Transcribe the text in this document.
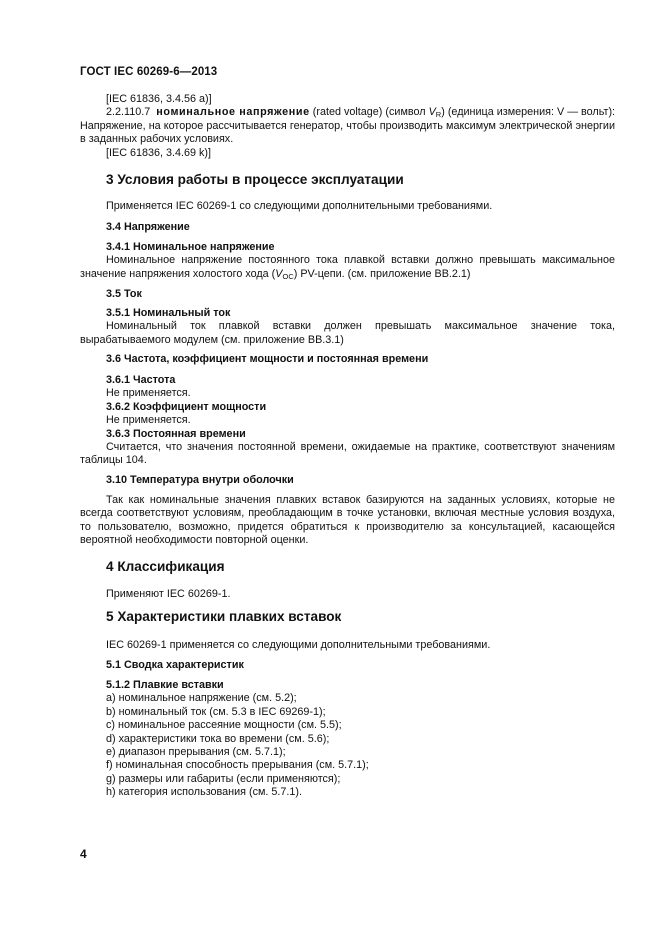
ГОСТ IEC 60269-6—2013

[IEC 61836, 3.4.56 a)]

2.2.110.7 номинальное напряжение (rated voltage) (символ $V_R$) (единица измерения: V — вольт): Напряжение, на которое рассчитывается генератор, чтобы производить максимум электрической энергии в заданных рабочих условиях.

[IEC 61836, 3.4.69 k)]

3 Условия работы в процессе эксплуатации

Применяется IEC 60269-1 со следующими дополнительными требованиями.

3.4 Напряжение

3.4.1 Номинальное напряжение

Номинальное напряжение постоянного тока плавкой вставки должно превышать максимальное значение напряжения холостого хода $(V_{OC})$ PV-цепи. (см. приложение BB.2.1)

3.5 Ток

3.5.1 Номинальный ток

Номинальный ток плавкой вставки должен превышать максимальное значение тока, вырабатываемого модулем (см. приложение BB.3.1)

3.6 Частота, коэффициент мощности и постоянная времени

3.6.1 Частота

Не применяется.

3.6.2 Коэффициент мощности

Не применяется.

3.6.3 Постоянная времени

Считается, что значения постоянной времени, ожидаемые на практике, соответствуют значениям таблицы 104.

3.10 Температура внутри оболочки

Так как номинальные значения плавких вставок базируются на заданных условиях, которые не всегда соответствуют условиям, преобладающим в точке установки, включая местные условия воздуха, то пользователю, возможно, придется обратиться к производителю за консультацией, касающейся вероятной необходимости повторной оценки.

4 Классификация

Применяют IEC 60269-1.

5 Характеристики плавких вставок

IEC 60269-1 применяется со следующими дополнительными требованиями.

5.1 Сводка характеристик

5.1.2 Плавкие вставки

a) номинальное напряжение (см. 5.2);

b) номинальный ток (см. 5.3 в IEC 69269-1);

c) номинальное рассеяние мощности (см. 5.5);

d) характеристики тока во времени (см. 5.6);

e) диапазон прерывания (см. 5.7.1);

f) номинальная способность прерывания (см. 5.7.1);

g) размеры или габариты (если применяются);

h) категория использования (см. 5.7.1).

4
